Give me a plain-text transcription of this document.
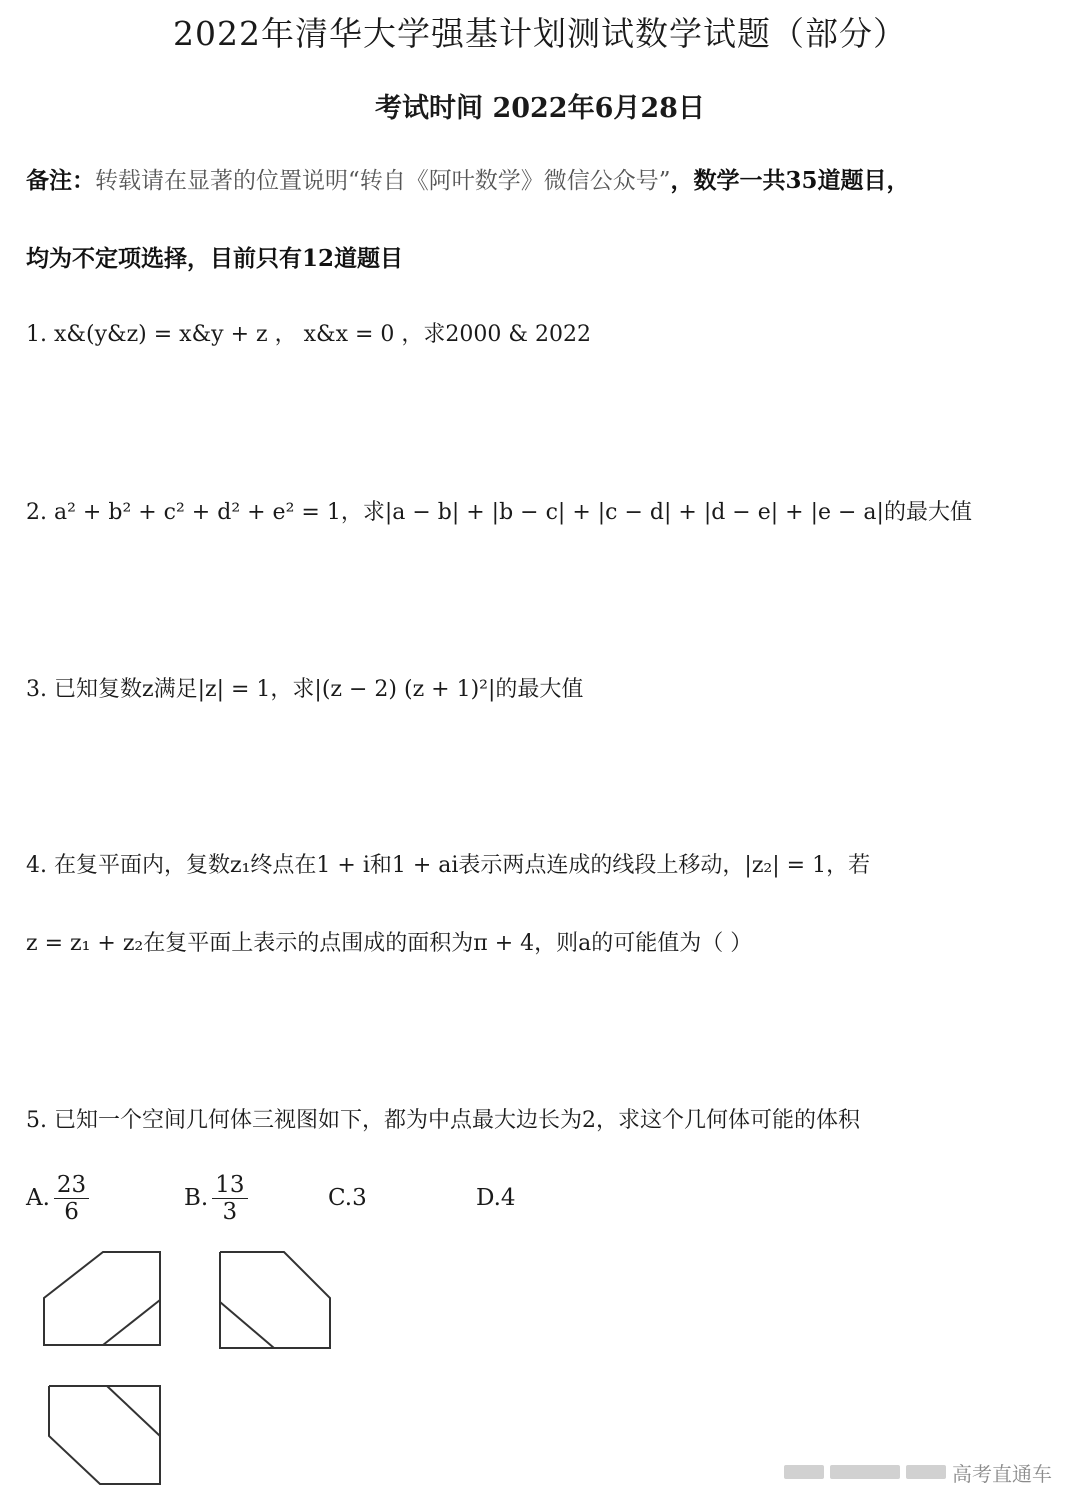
2022年清华大学强基计划测试数学试题（部分）
考试时间 2022年6月28日
备注：转载请在显著的位置说明“转自《阿叶数学》微信公众号”，数学一共35道题目，
均为不定项选择，目前只有12道题目
1. x&(y&z) = x&y + z ， x&x = 0 ，求2000 & 2022
2. a² + b² + c² + d² + e² = 1，求|a − b| + |b − c| + |c − d| + |d − e| + |e − a|的最大值
3. 已知复数z满足|z| = 1，求|(z − 2) (z + 1)²|的最大值
4. 在复平面内，复数z₁终点在1 + i和1 + ai表示两点连成的线段上移动，|z₂| = 1，若
z = z₁ + z₂在复平面上表示的点围成的面积为π + 4，则a的可能值为（ ）
5. 已知一个空间几何体三视图如下，都为中点最大边长为2，求这个几何体可能的体积
A. $\frac{23}{6}$	B. $\frac{13}{3}$	C.3	D.4
高考直通车
